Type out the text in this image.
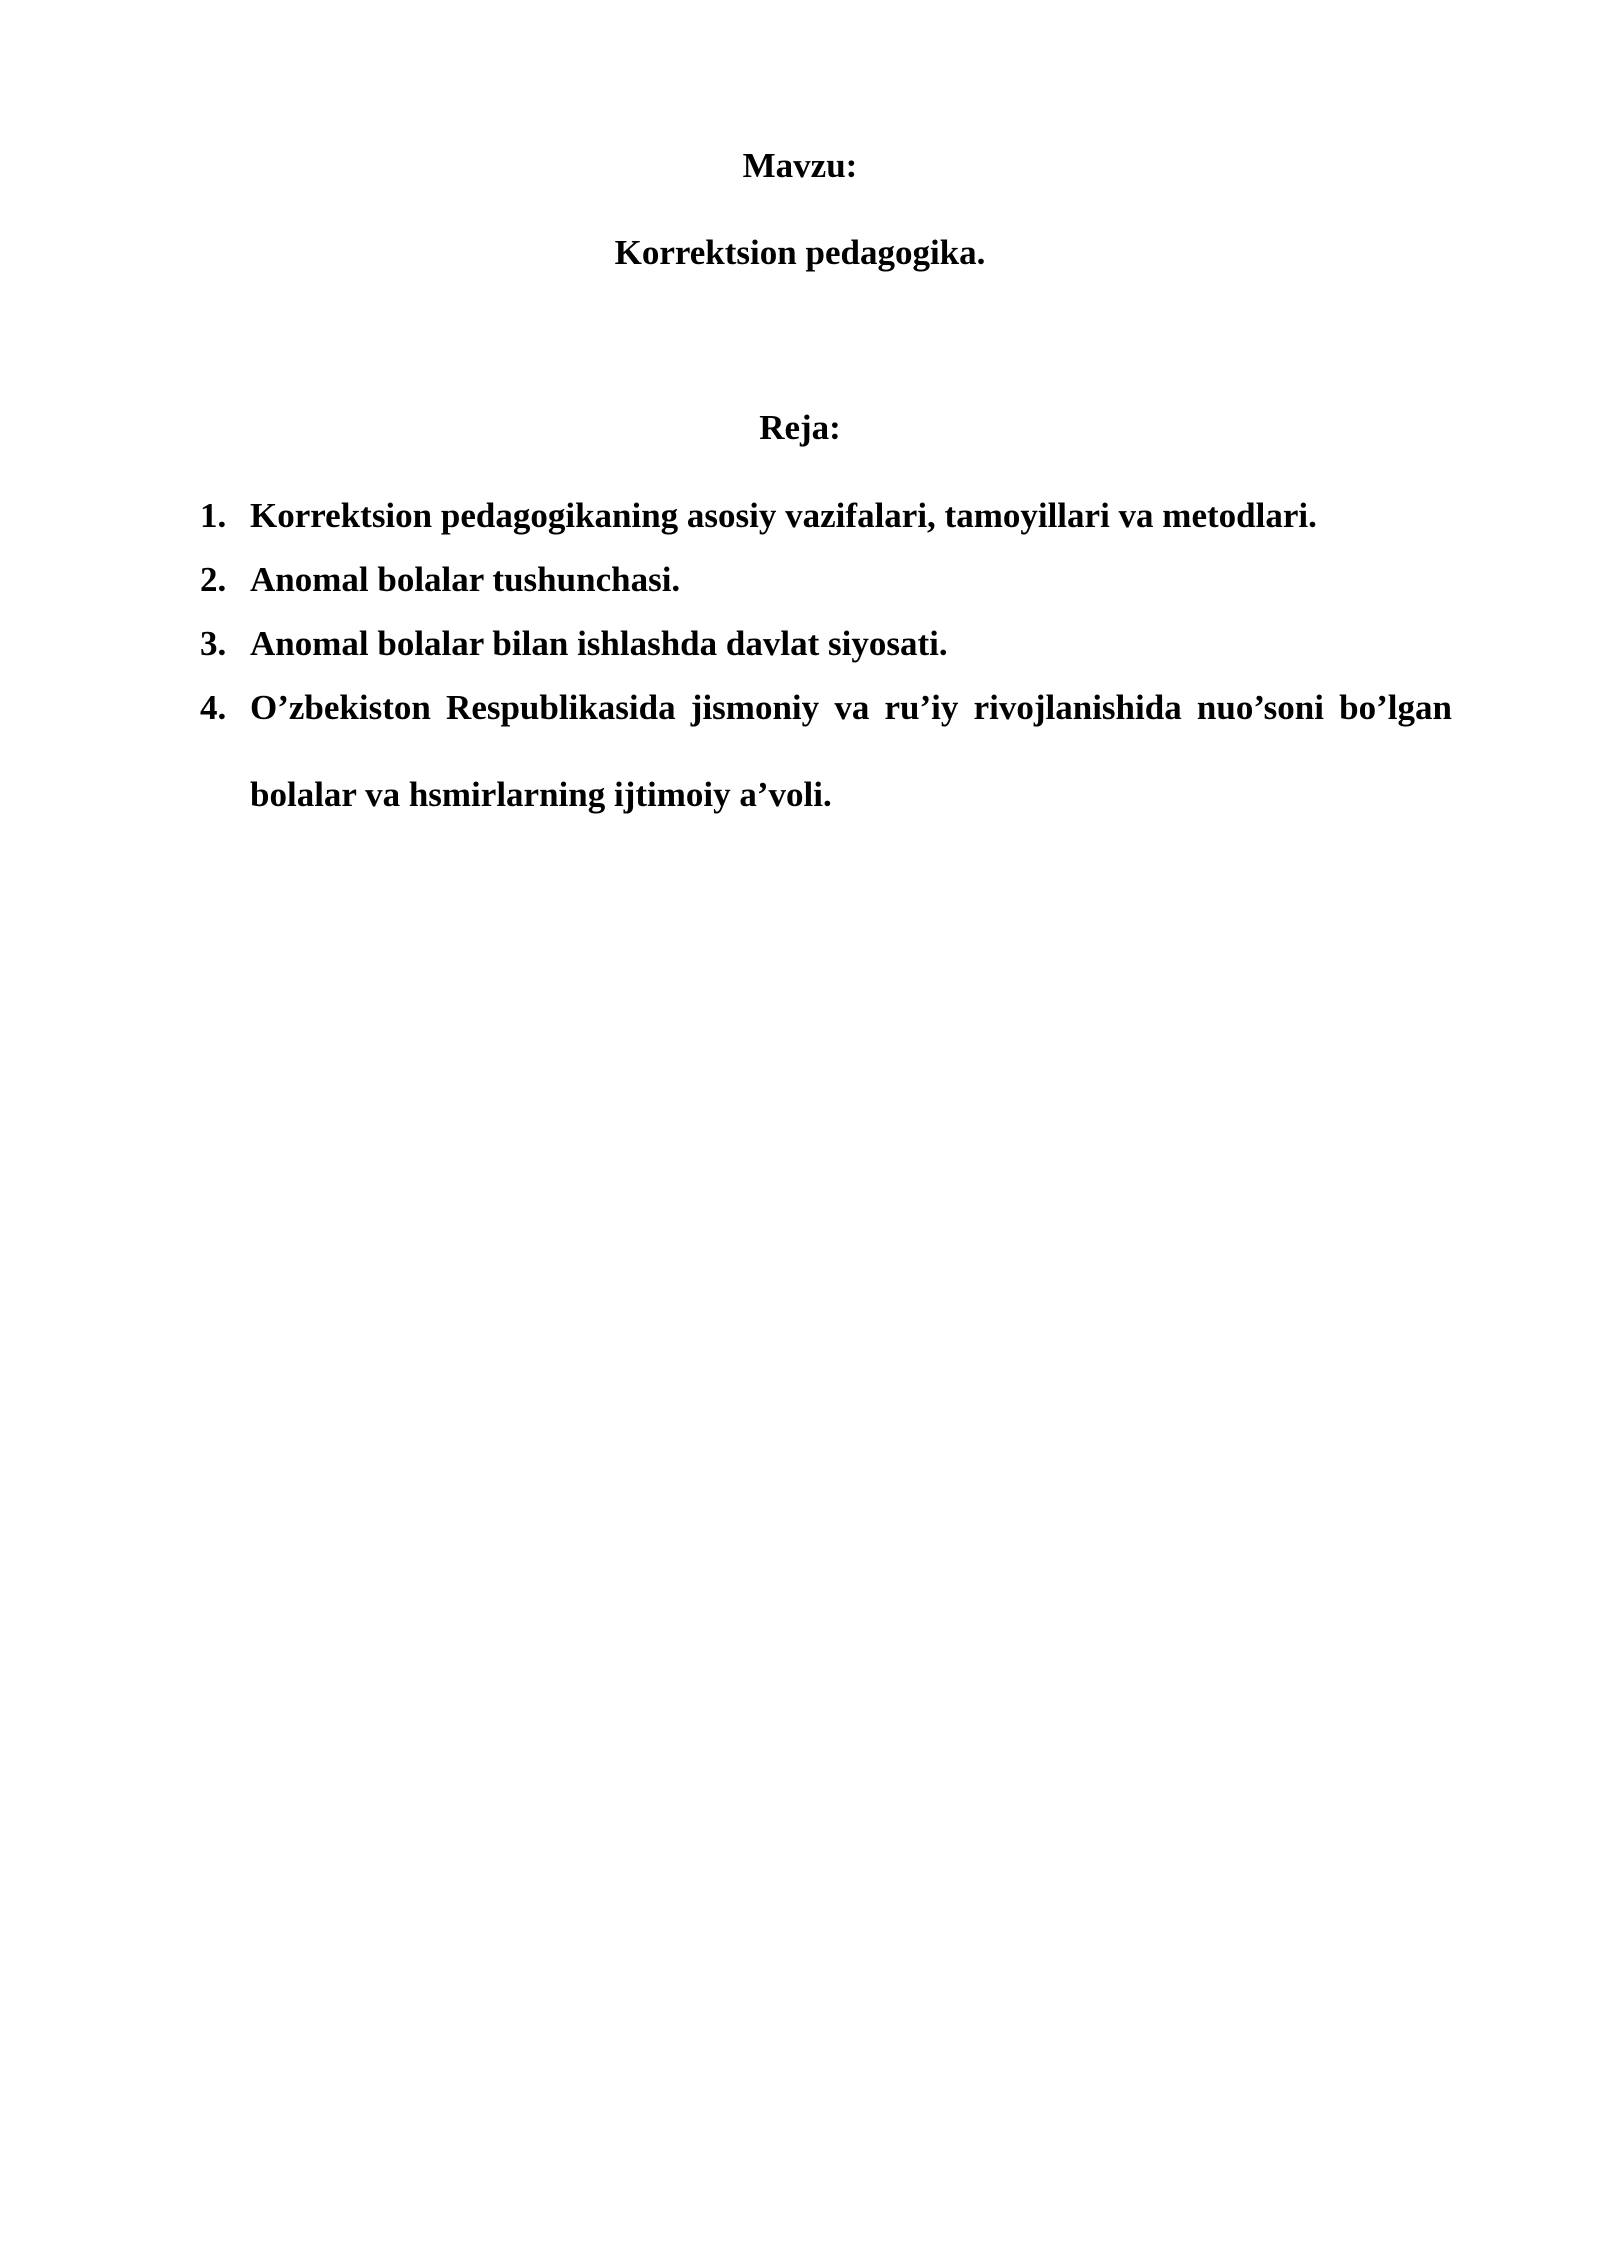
Mavzu:
Korrektsion pedagogika.
Reja:
1. Korrektsion pedagogikaning asosiy vazifalari, tamoyillari va metodlari.
2. Anomal bolalar tushunchasi.
3. Anomal bolalar bilan ishlashda davlat siyosati.
4. O’zbekiston Respublikasida jismoniy va ru’iy rivojlanishida nuo’soni bo’lgan bolalar va hsmirlarning ijtimoiy a’voli.
